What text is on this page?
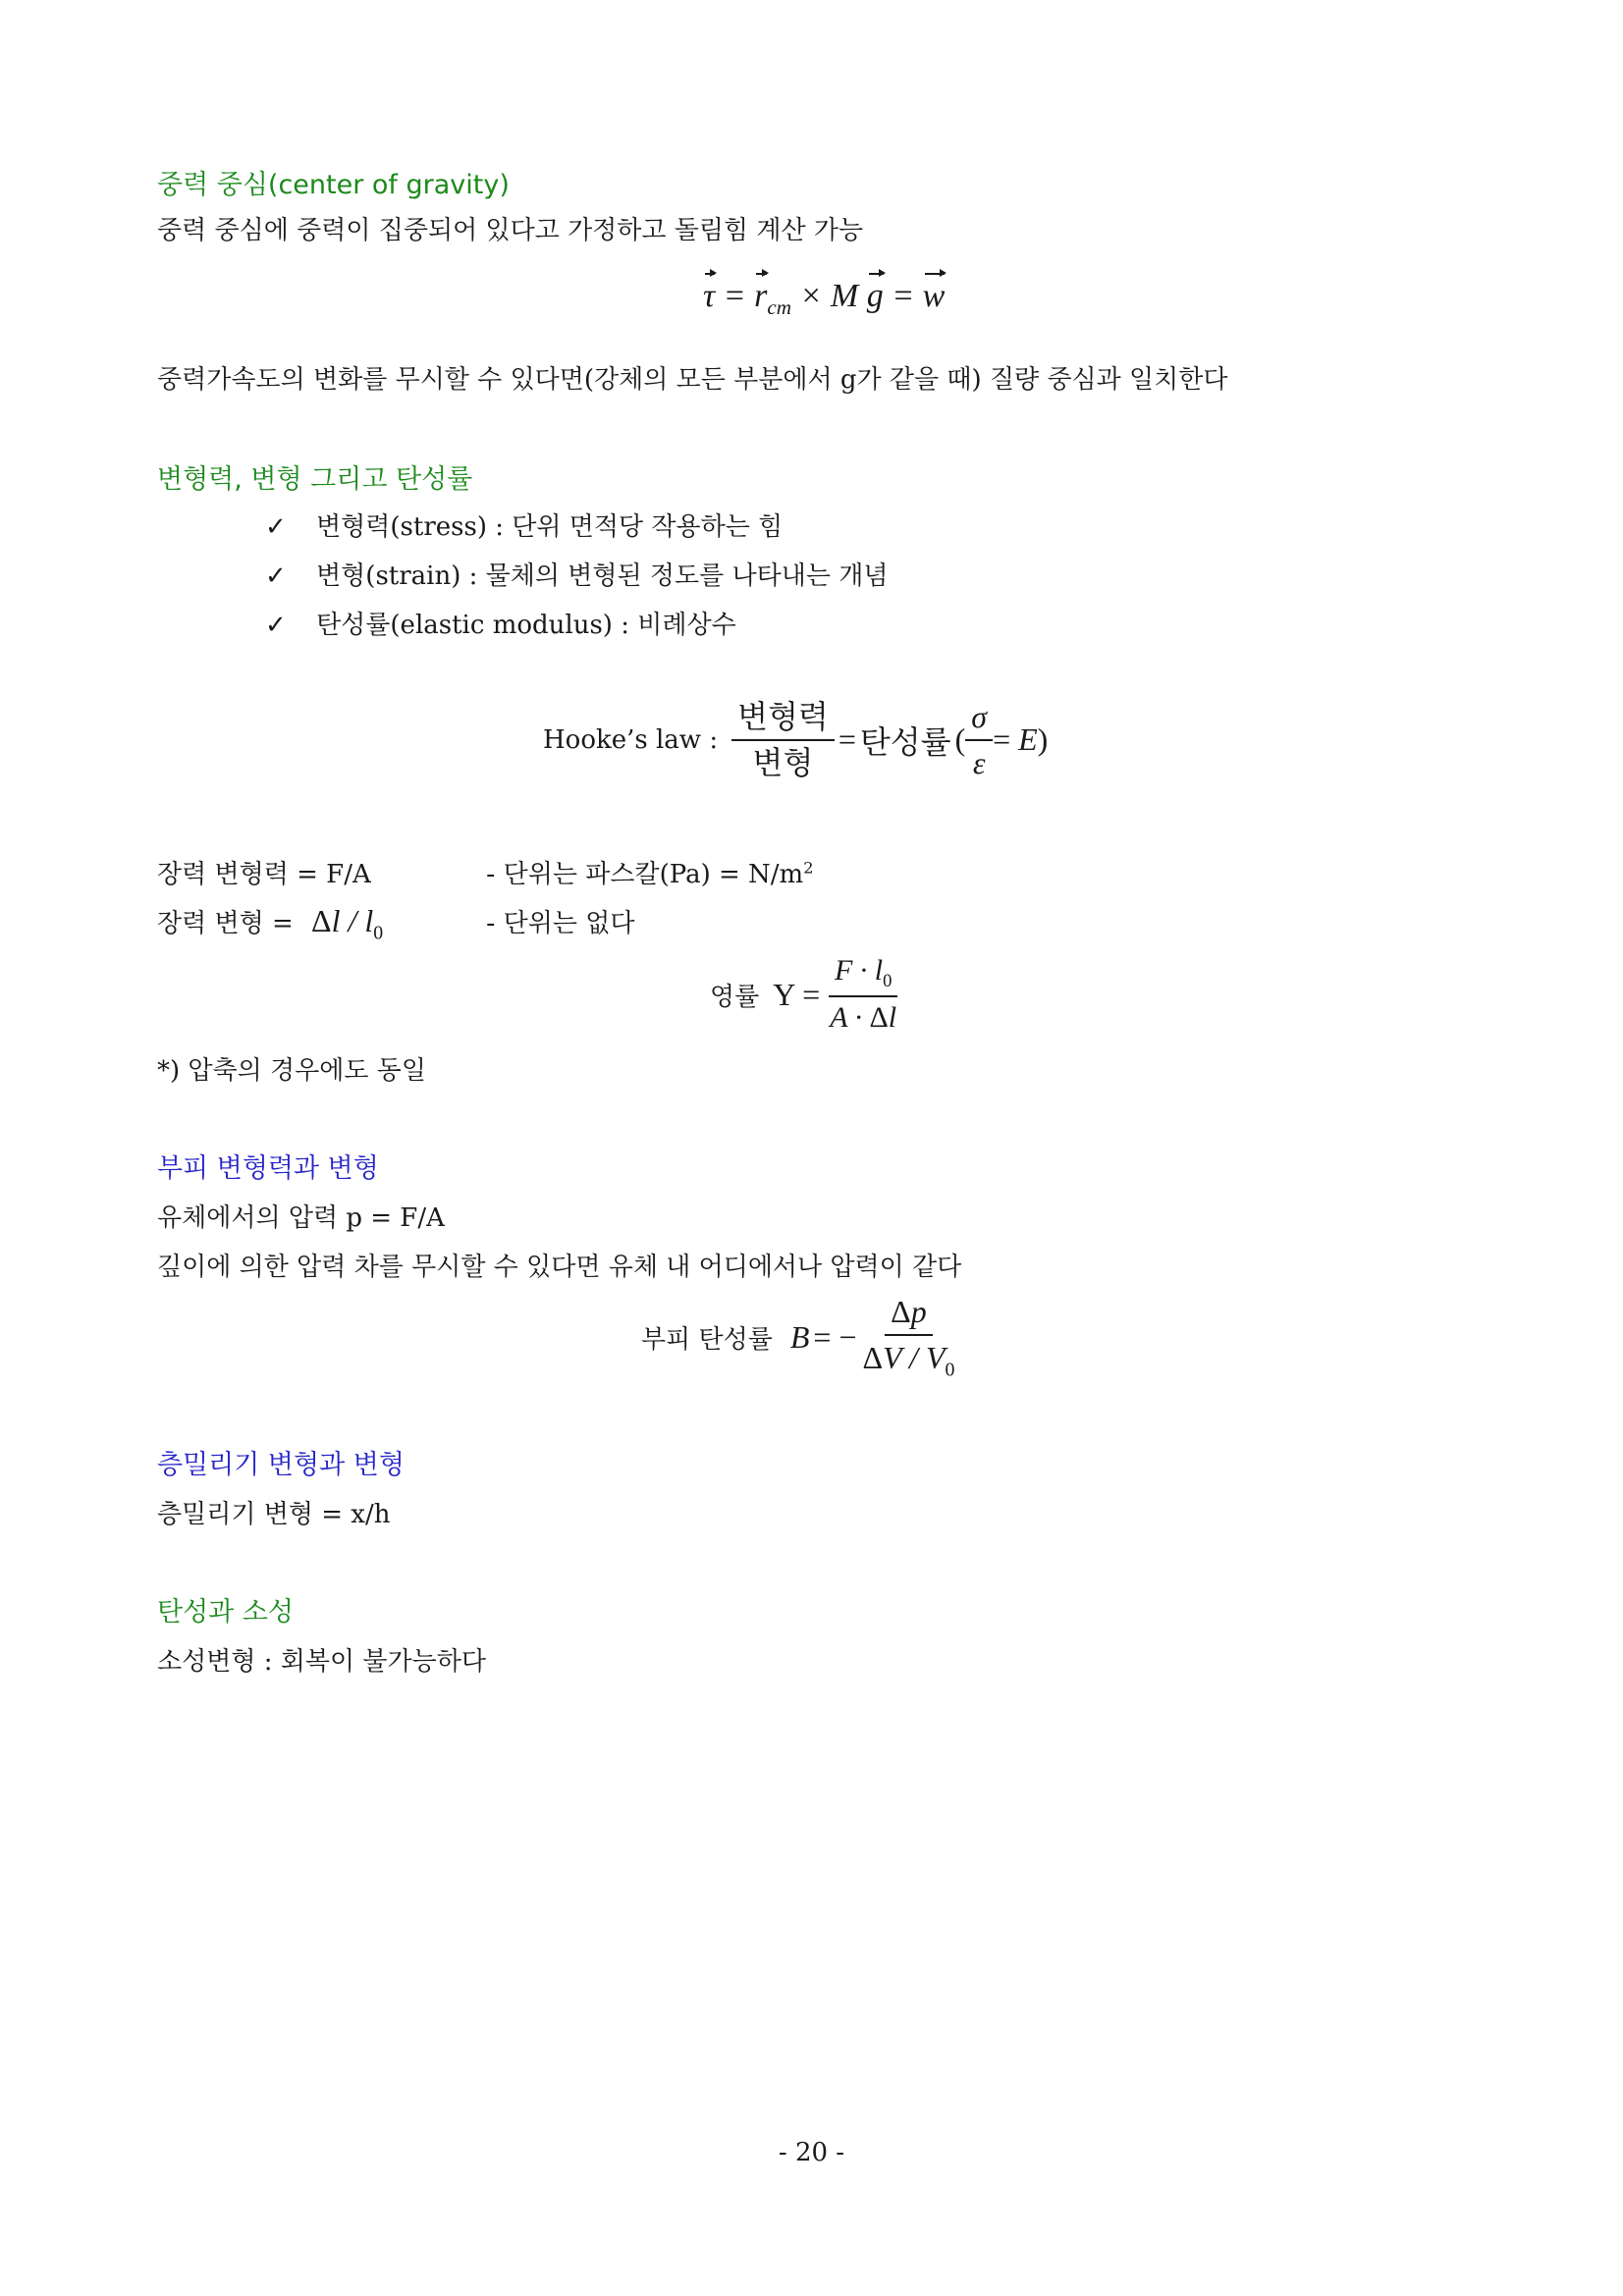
중력 중심(center of gravity)
중력 중심에 중력이 집중되어 있다고 가정하고 돌림힘 계산 가능
$\tau = r_{cm} \times M$ g = w
중력가속도의 변화를 무시할 수 있다면(강체의 모든 부분에서 g가 같을 때) 질량 중심과 일치한다
변형력, 변형 그리고 탄성률
✓ 변형력(stress) : 단위 면적당 작용하는 힘
✓ 변형(strain) : 물체의 변형된 정도를 나타내는 개념
✓ 탄성률(elastic modulus) : 비례상수
Hooke’s law : $\frac{\text{변형력}}{\text{변형}}$ = 탄성률 ( $\frac{\sigma}{\varepsilon} = E$)
장력 변형력 = F/A	- 단위는 파스칼$(Pa) = N/m^2$
장력 변형 = Δl / $l_0$	- 단위는 없다
영률 $Y = \frac{F \cdot l_0}{A \cdot \Delta l}$
*) 압축의 경우에도 동일
부피 변형력과 변형
유체에서의 압력 p = F/A
깊이에 의한 압력 차를 무시할 수 있다면 유체 내 어디에서나 압력이 같다
부피 탄성률 B = − $\frac{\Delta p}{\Delta V / V_0}$
층밀리기 변형과 변형
층밀리기 변형 = x/h
탄성과 소성
소성변형 : 회복이 불가능하다
- 20 -
